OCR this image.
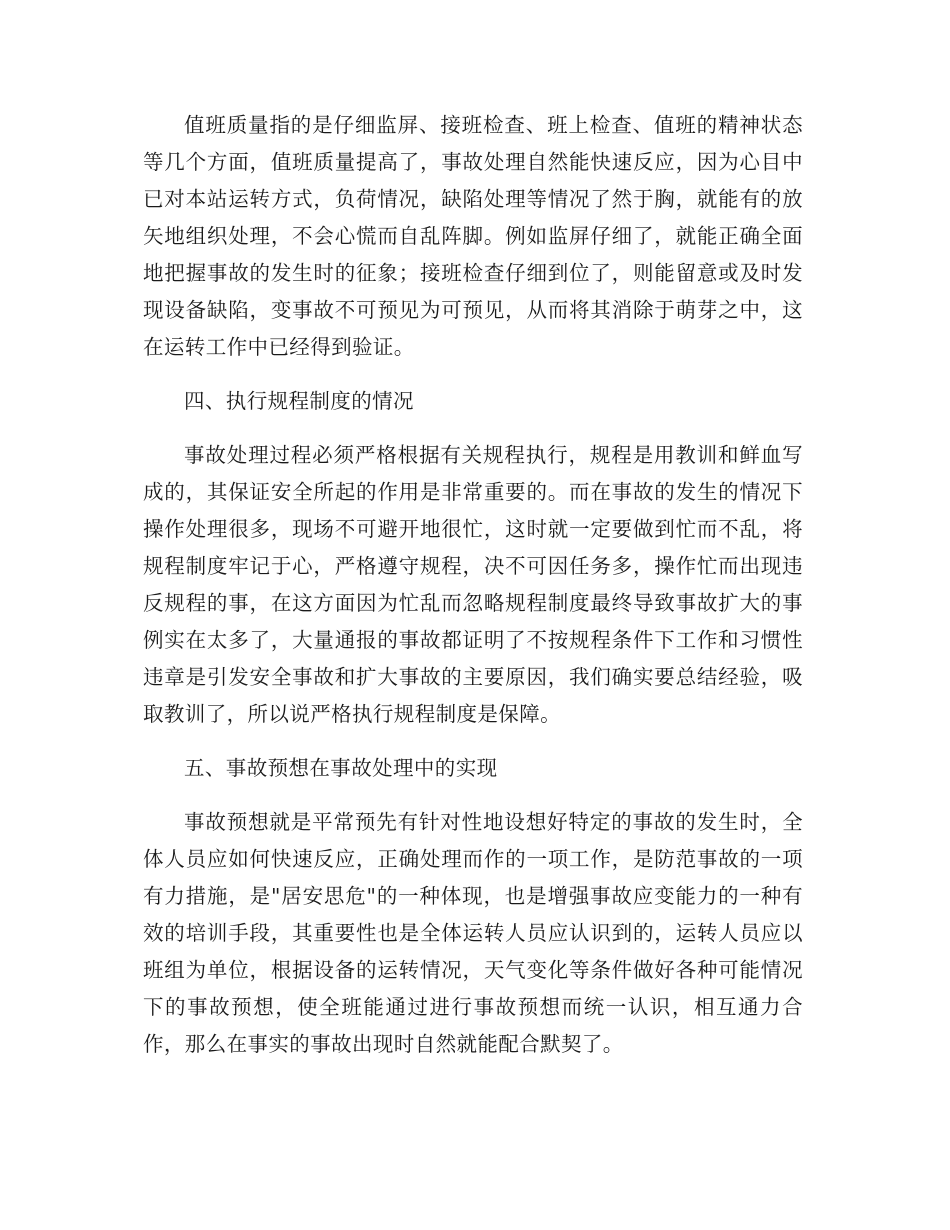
值班质量指的是仔细监屏、接班检查、班上检查、值班的精神状态等几个方面，值班质量提高了，事故处理自然能快速反应，因为心目中已对本站运转方式，负荷情况，缺陷处理等情况了然于胸，就能有的放矢地组织处理，不会心慌而自乱阵脚。例如监屏仔细了，就能正确全面地把握事故的发生时的征象；接班检查仔细到位了，则能留意或及时发现设备缺陷，变事故不可预见为可预见，从而将其消除于萌芽之中，这在运转工作中已经得到验证。

四、执行规程制度的情况

事故处理过程必须严格根据有关规程执行，规程是用教训和鲜血写成的，其保证安全所起的作用是非常重要的。而在事故的发生的情况下操作处理很多，现场不可避开地很忙，这时就一定要做到忙而不乱，将规程制度牢记于心，严格遵守规程，决不可因任务多，操作忙而出现违反规程的事，在这方面因为忙乱而忽略规程制度最终导致事故扩大的事例实在太多了，大量通报的事故都证明了不按规程条件下工作和习惯性违章是引发安全事故和扩大事故的主要原因，我们确实要总结经验，吸取教训了，所以说严格执行规程制度是保障。

五、事故预想在事故处理中的实现

事故预想就是平常预先有针对性地设想好特定的事故的发生时，全体人员应如何快速反应，正确处理而作的一项工作，是防范事故的一项有力措施，是"居安思危"的一种体现，也是增强事故应变能力的一种有效的培训手段，其重要性也是全体运转人员应认识到的，运转人员应以班组为单位，根据设备的运转情况，天气变化等条件做好各种可能情况下的事故预想，使全班能通过进行事故预想而统一认识，相互通力合作，那么在事实的事故出现时自然就能配合默契了。
